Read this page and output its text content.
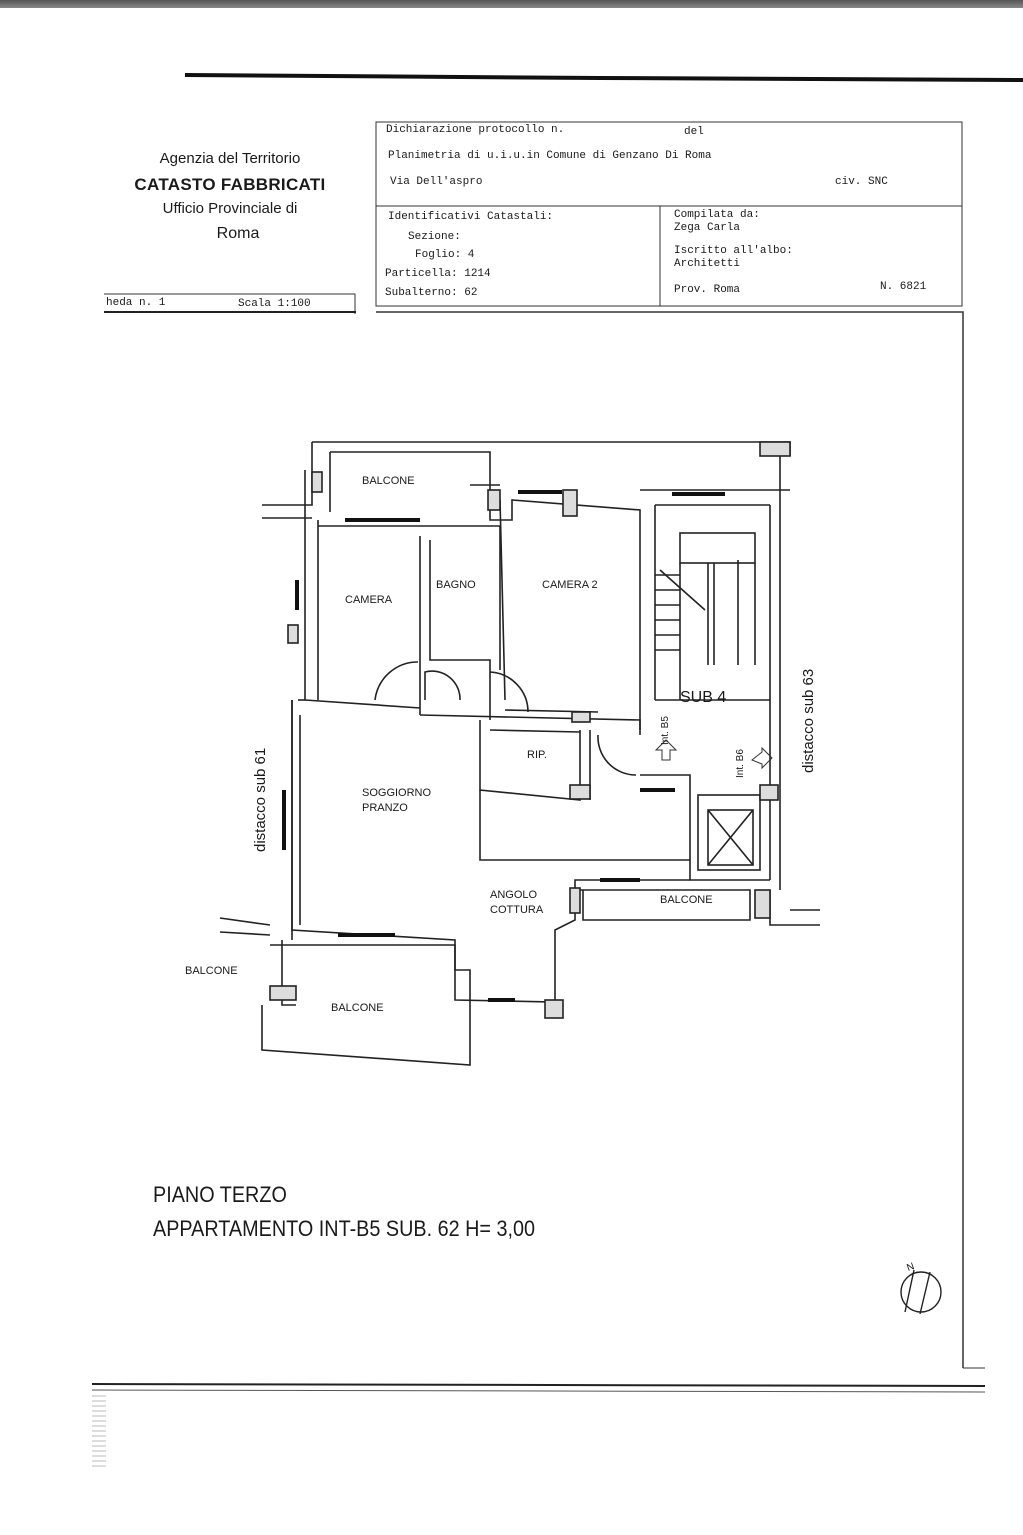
Agenzia del Territorio
CATASTO FABBRICATI
Ufficio Provinciale di
Roma
heda n. 1	Scala 1:100
Dichiarazione protocollo n.	del
Planimetria di u.i.u.in Comune di Genzano Di Roma
Via Dell'aspro	civ. SNC
Identificativi Catastali:
Sezione:
Foglio: 4
Particella: 1214
Subalterno: 62
Compilata da:
Zega Carla
Iscritto all'albo:
Architetti
Prov. Roma	N. 6821
BALCONE
CAMERA
BAGNO	CAMERA 2
SUB 4
RIP.
SOGGIORNO
PRANZO
ANGOLO
COTTURA
BALCONE
BALCONE
BALCONE
Int. B5
Int. B6
distacco sub 61
distacco sub 63
PIANO TERZO
APPARTAMENTO INT-B5 SUB. 62 H= 3,00
N
